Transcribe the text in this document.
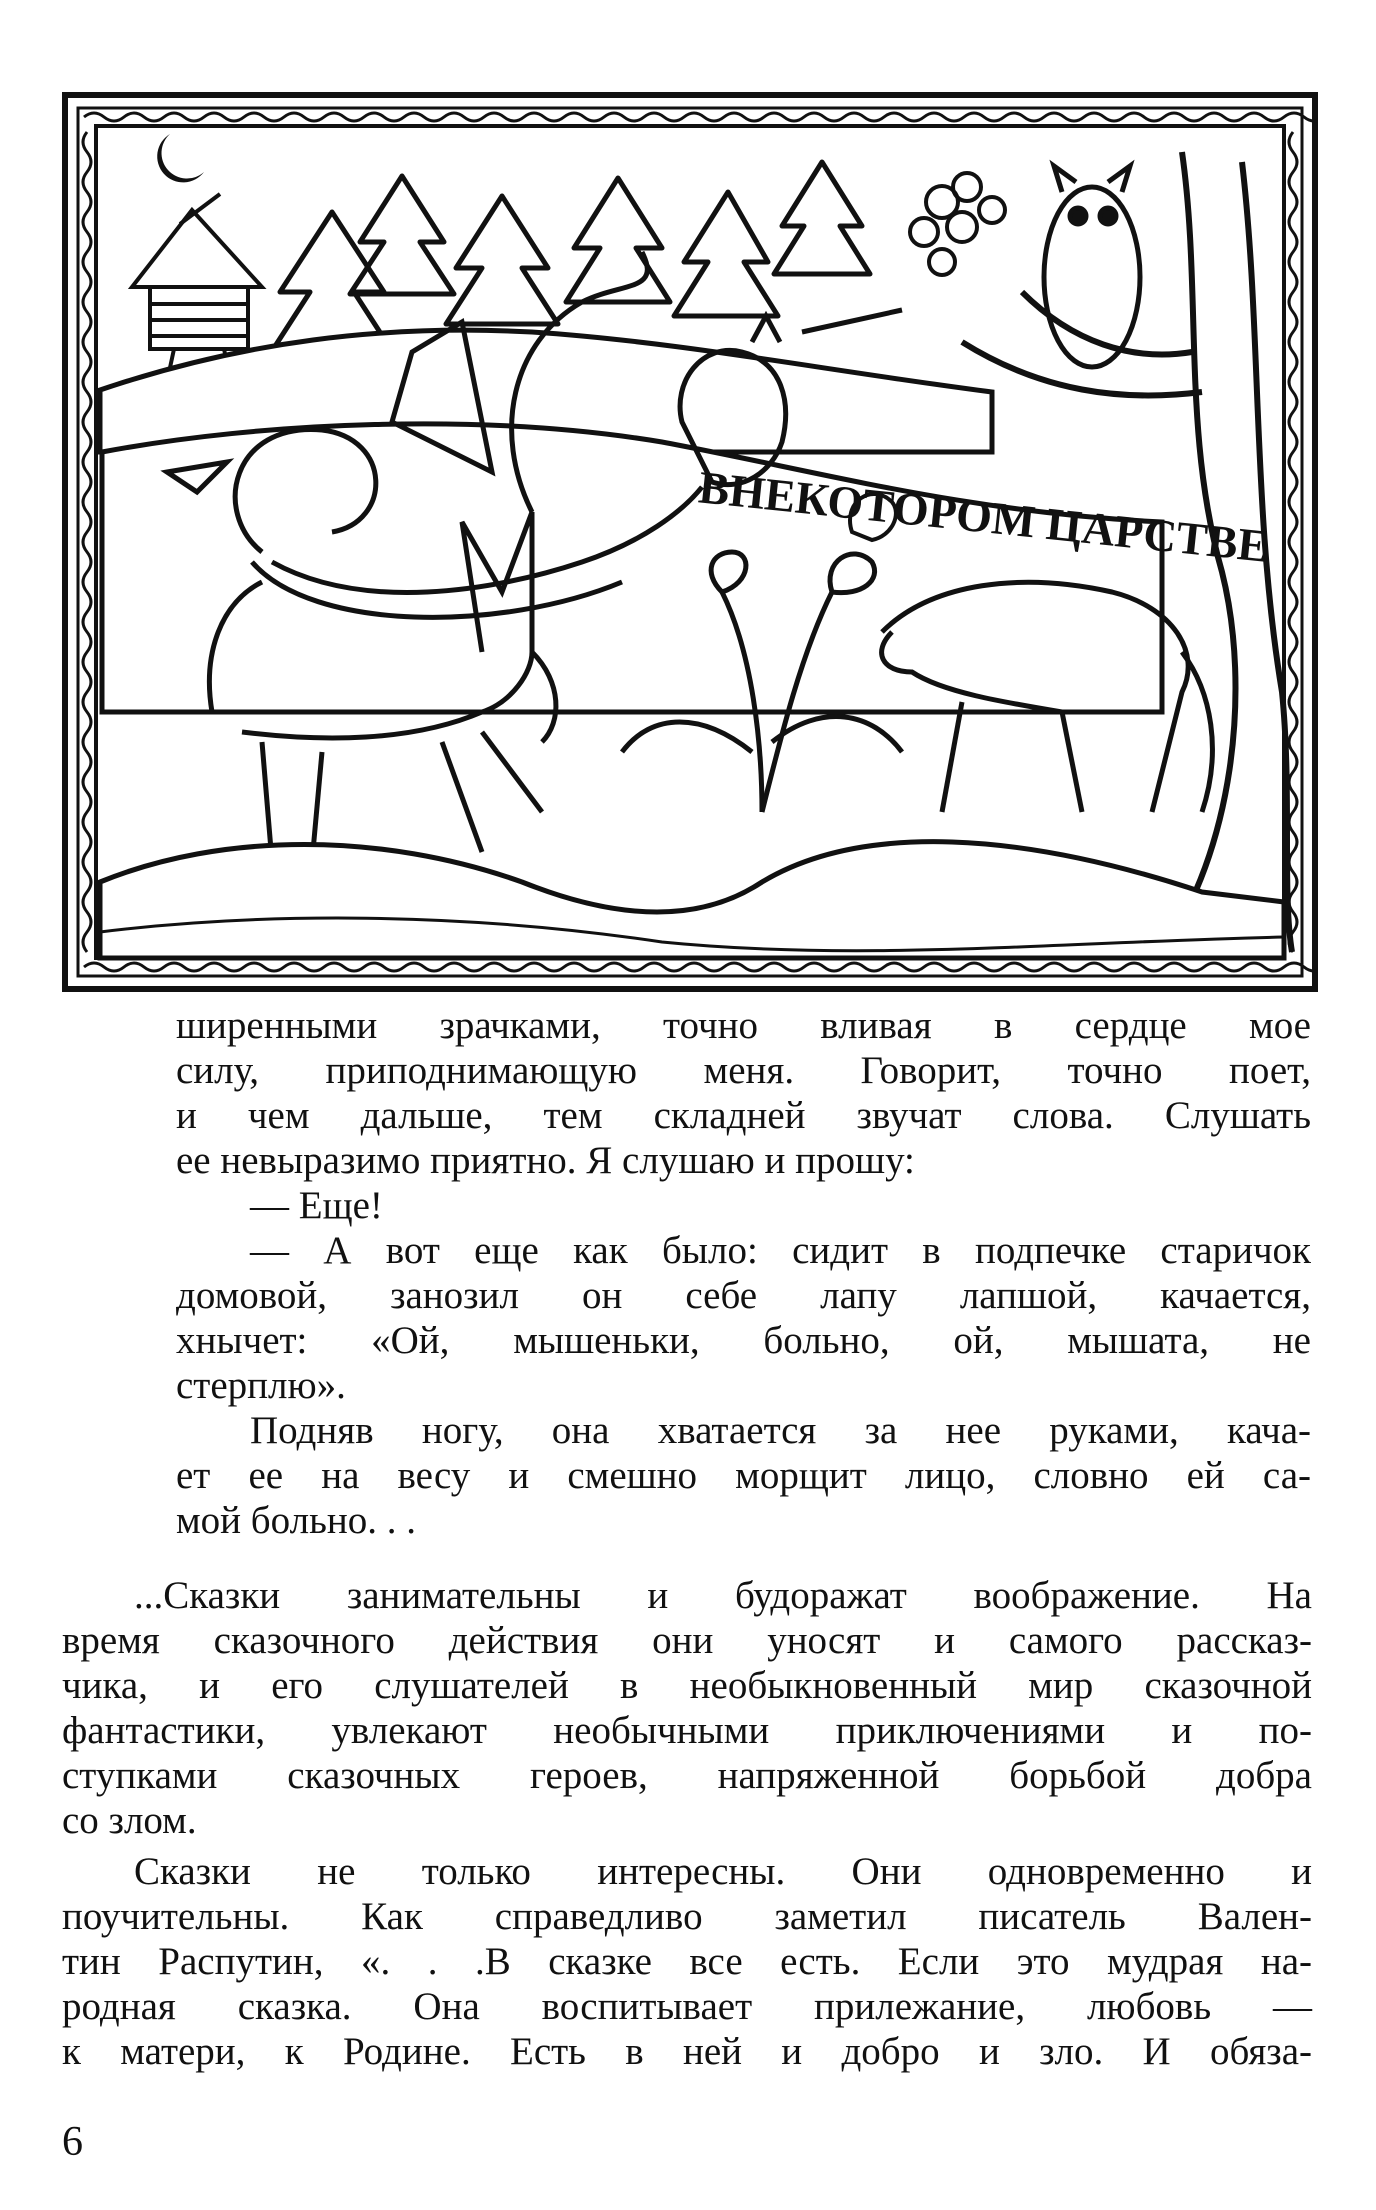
ВНЕКОТОРОМ ЦАРСТВЕ
ширенными зрачками, точно вливая в сердце мое
силу, приподнимающую меня. Говорит, точно поет,
и чем дальше, тем складней звучат слова. Слушать
ее невыразимо приятно. Я слушаю и прошу:
— Еще!
— А вот еще как было: сидит в подпечке старичок
домовой, занозил он себе лапу лапшой, качается,
хнычет: «Ой, мышеньки, больно, ой, мышата, не
стерплю».
Подняв ногу, она хватается за нее руками, кача-
ет ее на весу и смешно морщит лицо, словно ей са-
мой больно. . .
...Сказки занимательны и будоражат воображение. На
время сказочного действия они уносят и самого рассказ-
чика, и его слушателей в необыкновенный мир сказочной
фантастики, увлекают необычными приключениями и по-
ступками сказочных героев, напряженной борьбой добра
со злом.
Сказки не только интересны. Они одновременно и
поучительны. Как справедливо заметил писатель Вален-
тин Распутин, «. . .В сказке все есть. Если это мудрая на-
родная сказка. Она воспитывает прилежание, любовь —
к матери, к Родине. Есть в ней и добро и зло. И обяза-
6
